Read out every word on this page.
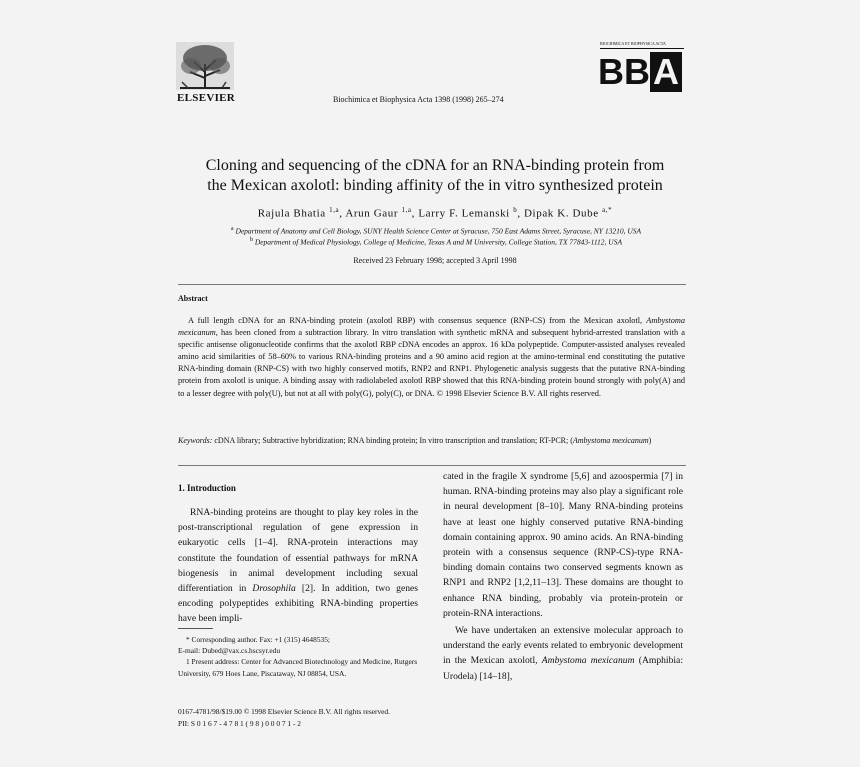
ELSEVIER	Biochimica et Biophysica Acta 1398 (1998) 265–274
BIOCHIMICA ET BIOPHYSICA ACTA
BBA
Cloning and sequencing of the cDNA for an RNA-binding protein from
the Mexican axolotl: binding affinity of the in vitro synthesized protein
Rajula Bhatia $^{1,a}$, Arun Gaur $^{1,a}$, Larry F. Lemanski $^b$, Dipak K. Dube $^{a,*}$
$^a$ Department of Anatomy and Cell Biology, SUNY Health Science Center at Syracuse, 750 East Adams Street, Syracuse, NY 13210, USA
$^b$ Department of Medical Physiology, College of Medicine, Texas A and M University, College Station, TX 77843-1112, USA
Received 23 February 1998; accepted 3 April 1998
Abstract
A full length cDNA for an RNA-binding protein (axolotl RBP) with consensus sequence (RNP-CS) from the Mexican axolotl, Ambystoma mexicanum, has been cloned from a subtraction library. In vitro translation with synthetic mRNA and subsequent hybrid-arrested translation with a specific antisense oligonucleotide confirms that the axolotl RBP cDNA encodes an approx. 16 kDa polypeptide. Computer-assisted analyses revealed amino acid similarities of 58–60% to various RNA-binding proteins and a 90 amino acid region at the amino-terminal end constituting the putative RNA-binding domain (RNP-CS) with two highly conserved motifs, RNP2 and RNP1. Phylogenetic analysis suggests that the putative RNA-binding protein from axolotl is unique. A binding assay with radiolabeled axolotl RBP showed that this RNA-binding protein bound strongly with poly(A) and to a lesser degree with poly(U), but not at all with poly(G), poly(C), or DNA. © 1998 Elsevier Science B.V. All rights reserved.
Keywords: cDNA library; Subtractive hybridization; RNA binding protein; In vitro transcription and translation; RT-PCR; (Ambystoma mexicanum)
1. Introduction

RNA-binding proteins are thought to play key roles in the post-transcriptional regulation of gene expression in eukaryotic cells [1–4]. RNA-protein interactions may constitute the foundation of essential pathways for mRNA biogenesis in animal development including sexual differentiation in Drosophila [2]. In addition, two genes encoding polypeptides exhibiting RNA-binding properties have been impli-

cated in the fragile X syndrome [5,6] and azoospermia [7] in human. RNA-binding proteins may also play a significant role in neural development [8–10]. Many RNA-binding proteins have at least one highly conserved putative RNA-binding domain containing approx. 90 amino acids. An RNA-binding protein with a consensus sequence (RNP-CS)-type RNA-binding domain contains two conserved segments known as RNP1 and RNP2 [1,2,11–13]. These domains are thought to enhance RNA binding, probably via protein-protein or protein-RNA interactions.

We have undertaken an extensive molecular approach to understand the early events related to embryonic development in the Mexican axolotl, Ambystoma mexicanum (Amphibia: Urodela) [14–18],

* Corresponding author. Fax: +1 (315) 4648535;

E-mail: Dubed@vax.cs.hscsyr.edu

1 Present address: Center for Advanced Biotechnology and Medicine, Rutgers University, 679 Hoes Lane, Piscataway, NJ 08854, USA.

0167-4781/98/$19.00 © 1998 Elsevier Science B.V. All rights reserved.
PII: S 0 1 6 7 - 4 7 8 1 ( 9 8 ) 0 0 0 7 1 - 2
